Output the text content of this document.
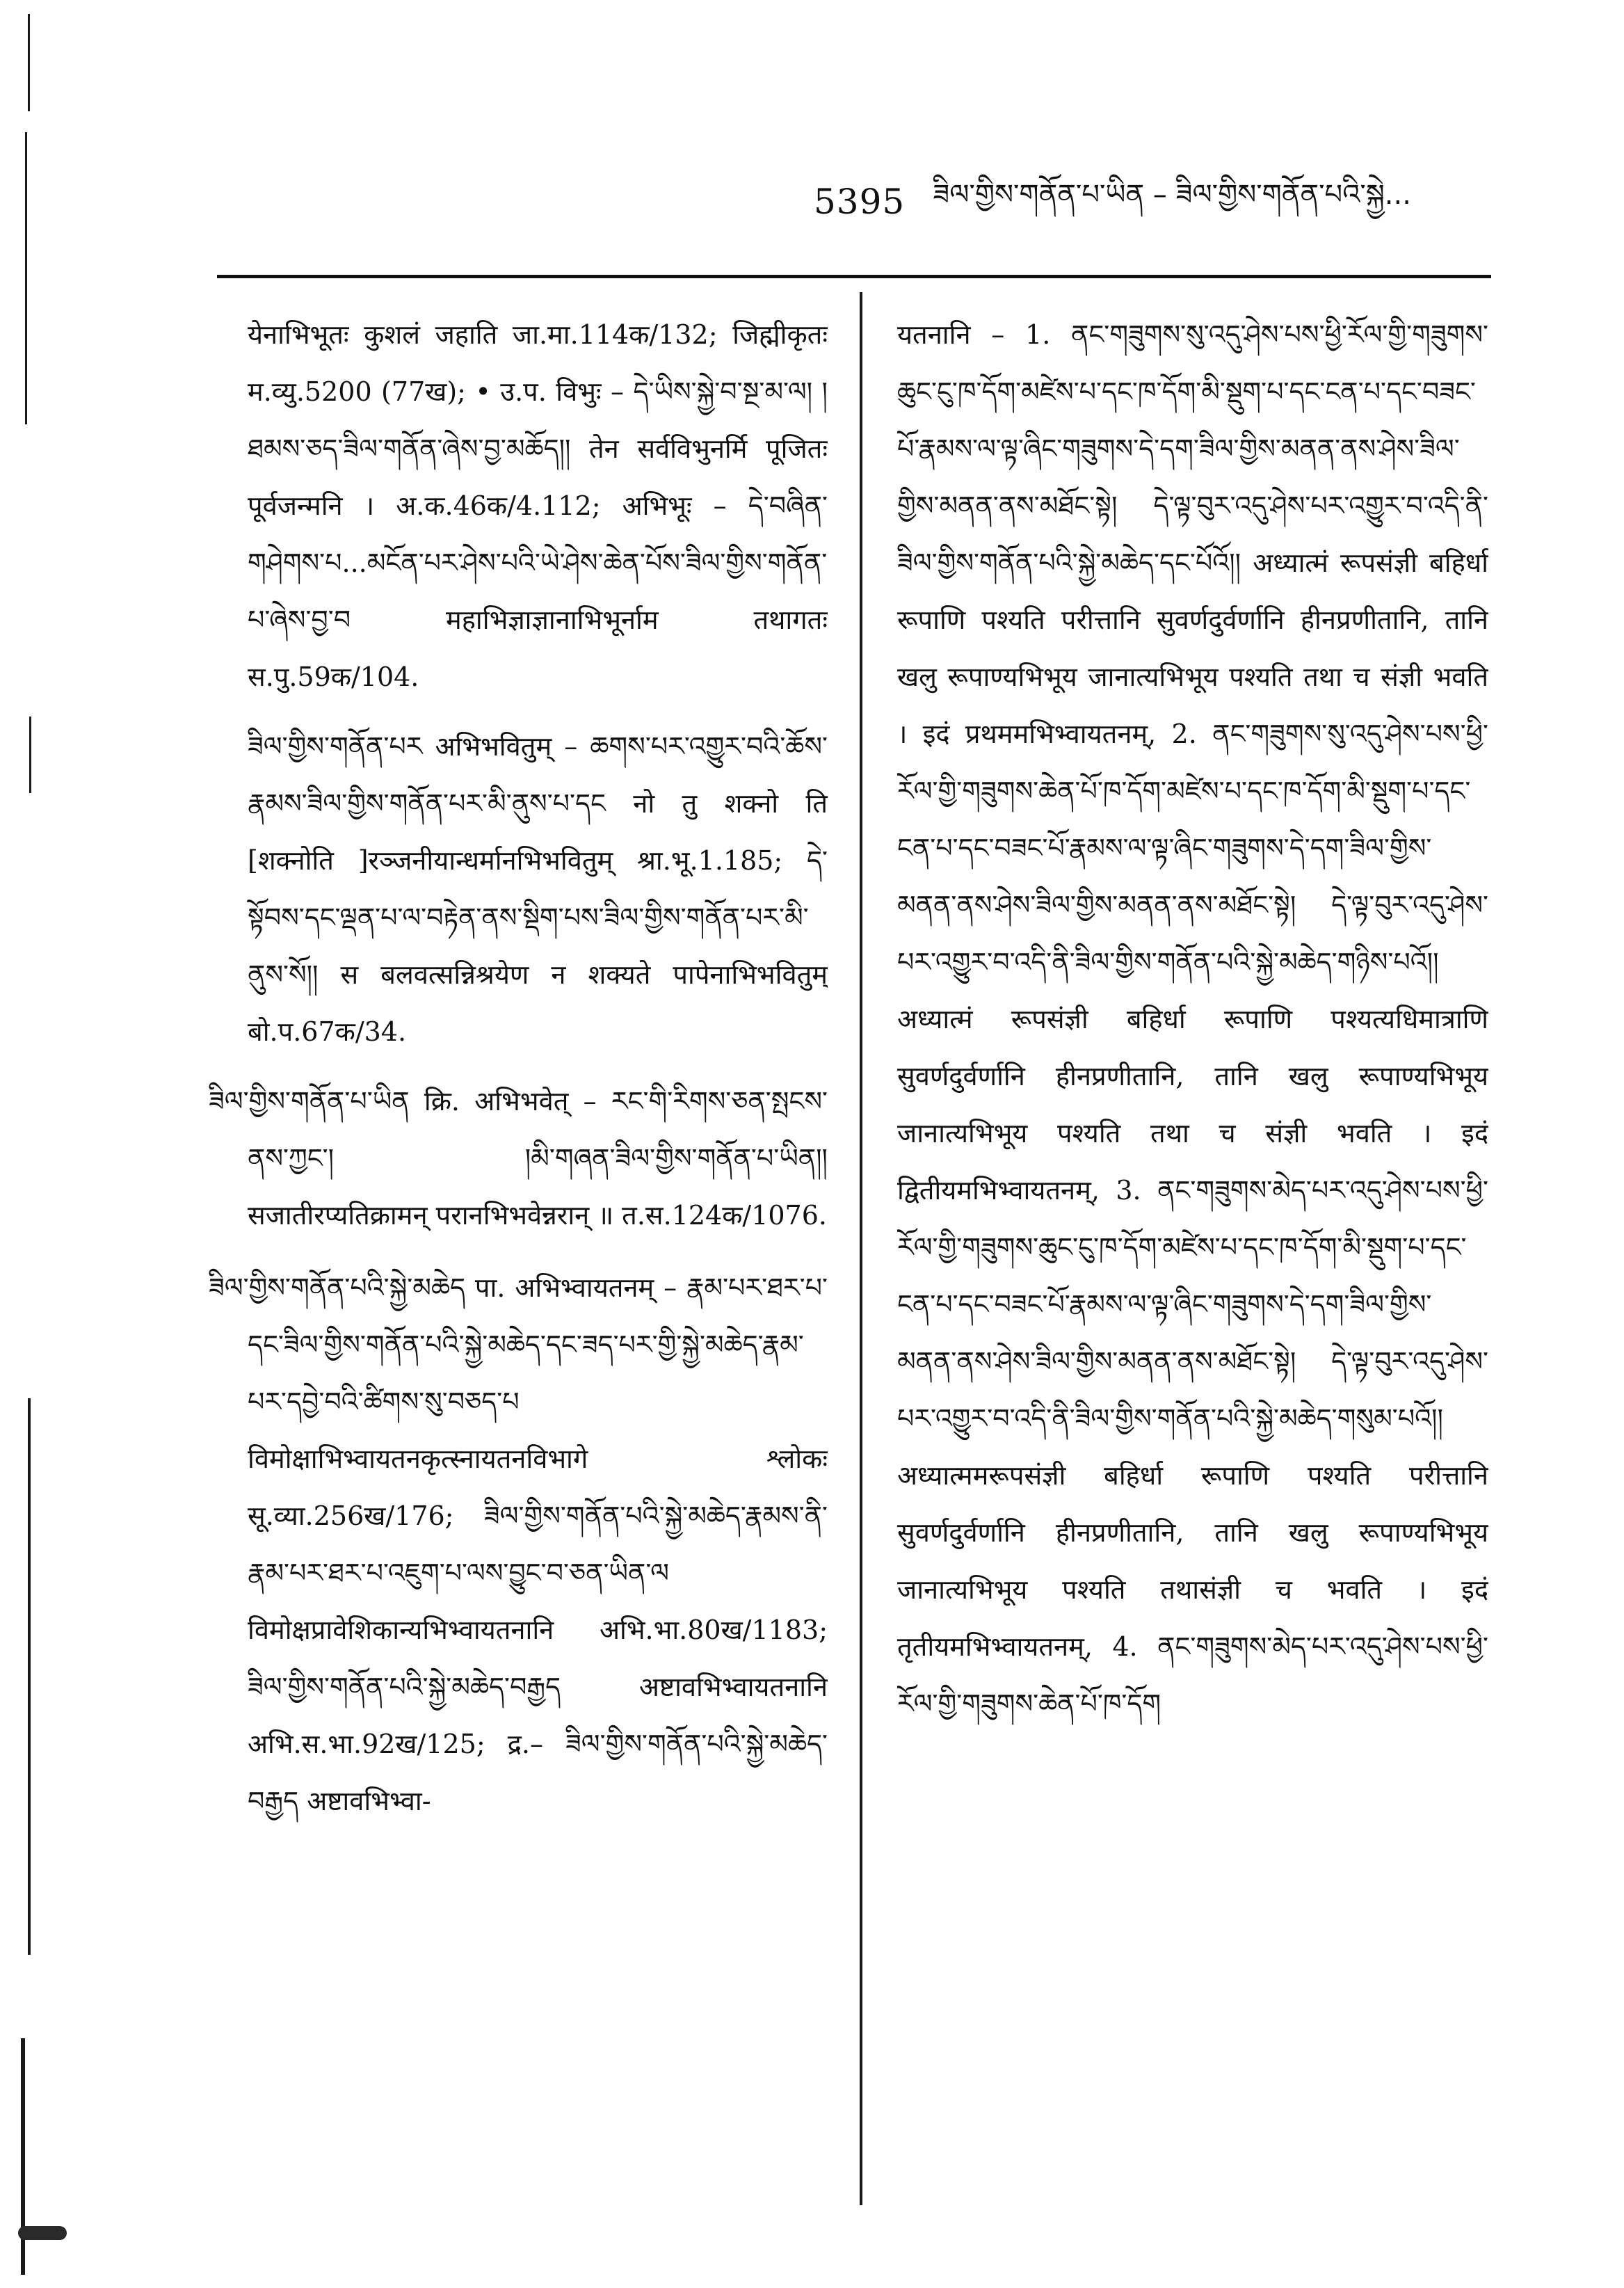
5395 ཟིལ་གྱིས་གནོན་པ་ཡིན – ཟིལ་གྱིས་གནོན་པའི་སྐྱེ...

येनाभिभूतः कुशलं जहाति जा.मा.114क/132; जिह्मीकृतः म.व्यु.5200 (77ख); • उ.प. विभुः – དེ་ཡིས་སྐྱེ་བ་སྔ་མ་ལ། །ཐམས་ཅད་ཟིལ་གནོན་ཞེས་བྱ་མཆོད།། तेन सर्वविभुनर्मि पूजितः पूर्वजन्मनि । अ.क.46क/4.112; अभिभूः – དེ་བཞིན་གཤེགས་པ...མངོན་པར་ཤེས་པའི་ཡེ་ཤེས་ཆེན་པོས་ཟིལ་གྱིས་གནོན་པ་ཞེས་བྱ་བ महाभिज्ञाज्ञानाभिभूर्नाम तथागतः स.पु.59क/104.

ཟིལ་གྱིས་གནོན་པར अभिभवितुम् – ཆགས་པར་འགྱུར་བའི་ཆོས་རྣམས་ཟིལ་གྱིས་གནོན་པར་མི་ནུས་པ་དང नो तु शक्नो ति [शक्नोति ]रञ्जनीयान्धर्मानभिभवितुम् श्रा.भू.1.185; དེ་སྟོབས་དང་ལྡན་པ་ལ་བརྟེན་ནས་སྡིག་པས་ཟིལ་གྱིས་གནོན་པར་མི་ནུས་སོ།། स बलवत्सन्निश्रयेण न शक्यते पापेनाभिभवितुम् बो.प.67क/34.

ཟིལ་གྱིས་གནོན་པ་ཡིན क्रि. अभिभवेत् – རང་གི་རིགས་ཅན་སྤངས་ནས་ཀྱང་། །མི་གཞན་ཟིལ་གྱིས་གནོན་པ་ཡིན།། सजातीरप्यतिक्रामन् परानभिभवेन्नरान् ॥ त.स.124क/1076.

ཟིལ་གྱིས་གནོན་པའི་སྐྱེ་མཆེད पा. अभिभ्वायतनम् – རྣམ་པར་ཐར་པ་དང་ཟིལ་གྱིས་གནོན་པའི་སྐྱེ་མཆེད་དང་ཟད་པར་གྱི་སྐྱེ་མཆེད་རྣམ་པར་དབྱེ་བའི་ཚིགས་སུ་བཅད་པ विमोक्षाभिभ्वायतनकृत्स्नायतनविभागे श्लोकः सू.व्या.256ख/176; ཟིལ་གྱིས་གནོན་པའི་སྐྱེ་མཆེད་རྣམས་ནི་རྣམ་པར་ཐར་པ་འཇུག་པ་ལས་བྱུང་བ་ཅན་ཡིན་ལ विमोक्षप्रावेशिकान्यभिभ्वायतनानि अभि.भा.80ख/1183; ཟིལ་གྱིས་གནོན་པའི་སྐྱེ་མཆེད་བརྒྱད अष्टावभिभ्वायतनानि अभि.स.भा.92ख/125; द्र.– ཟིལ་གྱིས་གནོན་པའི་སྐྱེ་མཆེད་བརྒྱད अष्टावभिभ्वा-

यतनानि – 1. ནང་གཟུགས་སུ་འདུ་ཤེས་པས་ཕྱི་རོལ་གྱི་གཟུགས་ཆུང་ངུ་ཁ་དོག་མཛེས་པ་དང་ཁ་དོག་མི་སྡུག་པ་དང་ངན་པ་དང་བཟང་པོ་རྣམས་ལ་ལྟ་ཞིང་གཟུགས་དེ་དག་ཟིལ་གྱིས་མནན་ནས་ཤེས་ཟིལ་གྱིས་མནན་ནས་མཐོང་སྟེ། དེ་ལྟ་བུར་འདུ་ཤེས་པར་འགྱུར་བ་འདི་ནི་ཟིལ་གྱིས་གནོན་པའི་སྐྱེ་མཆེད་དང་པོའོ།། अध्यात्मं रूपसंज्ञी बहिर्धा रूपाणि पश्यति परीत्तानि सुवर्णदुर्वर्णानि हीनप्रणीतानि, तानि खलु रूपाण्यभिभूय जानात्यभिभूय पश्यति तथा च संज्ञी भवति । इदं प्रथममभिभ्वायतनम्, 2. ནང་གཟུགས་སུ་འདུ་ཤེས་པས་ཕྱི་རོལ་གྱི་གཟུགས་ཆེན་པོ་ཁ་དོག་མཛེས་པ་དང་ཁ་དོག་མི་སྡུག་པ་དང་ངན་པ་དང་བཟང་པོ་རྣམས་ལ་ལྟ་ཞིང་གཟུགས་དེ་དག་ཟིལ་གྱིས་མནན་ནས་ཤེས་ཟིལ་གྱིས་མནན་ནས་མཐོང་སྟེ། དེ་ལྟ་བུར་འདུ་ཤེས་པར་འགྱུར་བ་འདི་ནི་ཟིལ་གྱིས་གནོན་པའི་སྐྱེ་མཆེད་གཉིས་པའོ།། अध्यात्मं रूपसंज्ञी बहिर्धा रूपाणि पश्यत्यधिमात्राणि सुवर्णदुर्वर्णानि हीनप्रणीतानि, तानि खलु रूपाण्यभिभूय जानात्यभिभूय पश्यति तथा च संज्ञी भवति । इदं द्वितीयमभिभ्वायतनम्, 3. ནང་གཟུགས་མེད་པར་འདུ་ཤེས་པས་ཕྱི་རོལ་གྱི་གཟུགས་ཆུང་ངུ་ཁ་དོག་མཛེས་པ་དང་ཁ་དོག་མི་སྡུག་པ་དང་ངན་པ་དང་བཟང་པོ་རྣམས་ལ་ལྟ་ཞིང་གཟུགས་དེ་དག་ཟིལ་གྱིས་མནན་ནས་ཤེས་ཟིལ་གྱིས་མནན་ནས་མཐོང་སྟེ། དེ་ལྟ་བུར་འདུ་ཤེས་པར་འགྱུར་བ་འདི་ནི་ཟིལ་གྱིས་གནོན་པའི་སྐྱེ་མཆེད་གསུམ་པའོ།། अध्यात्ममरूपसंज्ञी बहिर्धा रूपाणि पश्यति परीत्तानि सुवर्णदुर्वर्णानि हीनप्रणीतानि, तानि खलु रूपाण्यभिभूय जानात्यभिभूय पश्यति तथासंज्ञी च भवति । इदं तृतीयमभिभ्वायतनम्, 4. ནང་གཟུགས་མེད་པར་འདུ་ཤེས་པས་ཕྱི་རོལ་གྱི་གཟུགས་ཆེན་པོ་ཁ་དོག
